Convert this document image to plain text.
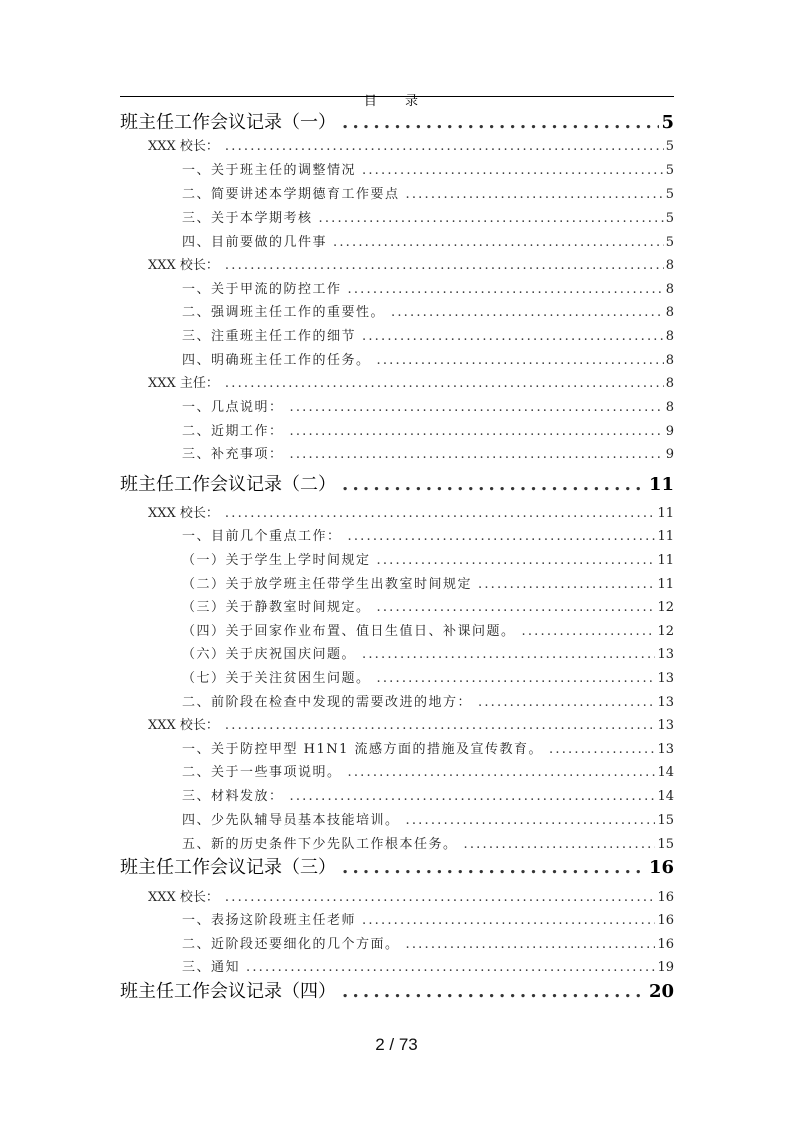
目 录
班主任工作会议记录（一） .....	5
XXX 校长： .....	5
一、关于班主任的调整情况 .....	5
二、简要讲述本学期德育工作要点 .....	5
三、关于本学期考核 .....	5
四、目前要做的几件事 .....	5
XXX 校长： .....	8
一、关于甲流的防控工作 .....	8
二、强调班主任工作的重要性。 .....	8
三、注重班主任工作的细节 .....	8
四、明确班主任工作的任务。 .....	8
XXX 主任： .....	8
一、几点说明： .....	8
二、近期工作： .....	9
三、补充事项： .....	9
班主任工作会议记录（二） .....	11
XXX 校长： .....	11
一、目前几个重点工作： .....	11
（一）关于学生上学时间规定 .....	11
（二）关于放学班主任带学生出教室时间规定 .....	11
（三）关于静教室时间规定。 .....	12
（四）关于回家作业布置、值日生值日、补课问题。 .....	12
（六）关于庆祝国庆问题。 .....	13
（七）关于关注贫困生问题。 .....	13
二、前阶段在检查中发现的需要改进的地方： .....	13
XXX 校长： .....	13
一、关于防控甲型 H1N1 流感方面的措施及宣传教育。 .....	13
二、关于一些事项说明。 .....	14
三、材料发放： .....	14
四、少先队辅导员基本技能培训。 .....	15
五、新的历史条件下少先队工作根本任务。 .....	15
班主任工作会议记录（三） .....	16
XXX 校长： .....	16
一、表扬这阶段班主任老师 .....	16
二、近阶段还要细化的几个方面。 .....	16
三、通知 .....	19
班主任工作会议记录（四） .....	20
2 / 73
